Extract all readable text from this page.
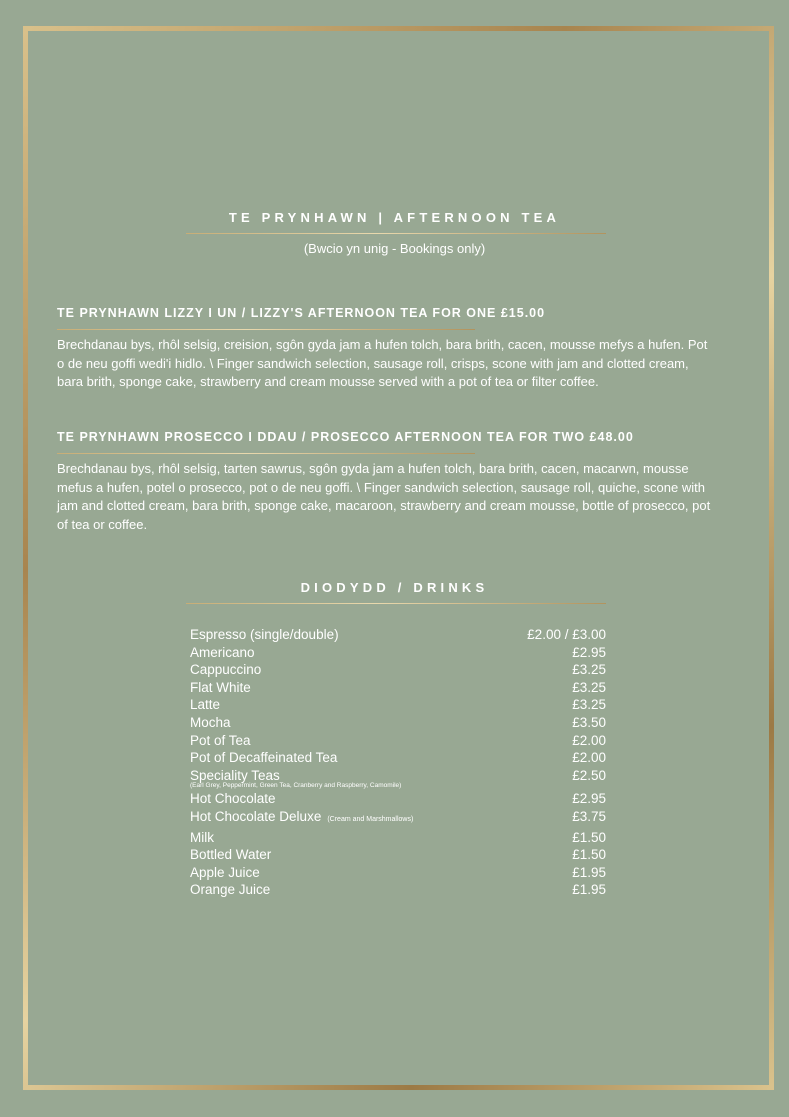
TE PRYNHAWN | AFTERNOON TEA
(Bwcio yn unig - Bookings only)
TE PRYNHAWN LIZZY I UN / LIZZY'S AFTERNOON TEA FOR ONE £15.00
Brechdanau bys, rhôl selsig, creision, sgôn gyda jam a hufen tolch, bara brith, cacen, mousse mefys a hufen. Pot o de neu goffi wedi'i hidlo. \ Finger sandwich selection, sausage roll, crisps, scone with jam and clotted cream, bara brith, sponge cake, strawberry and cream mousse served with a pot of tea or filter coffee.
TE PRYNHAWN PROSECCO I DDAU / PROSECCO AFTERNOON TEA FOR TWO £48.00
Brechdanau bys, rhôl selsig, tarten sawrus, sgôn gyda jam a hufen tolch, bara brith, cacen, macarwn, mousse mefus a hufen, potel o prosecco, pot o de neu goffi. \ Finger sandwich selection, sausage roll, quiche, scone with jam and clotted cream, bara brith, sponge cake, macaroon, strawberry and cream mousse, bottle of prosecco, pot of tea or coffee.
DIODYDD / DRINKS
Espresso (single/double)	£2.00 / £3.00
Americano	£2.95
Cappuccino	£3.25
Flat White	£3.25
Latte	£3.25
Mocha	£3.50
Pot of Tea	£2.00
Pot of Decaffeinated Tea	£2.00
Speciality Teas	£2.50
(Earl Grey, Peppermint, Green Tea, Cranberry and Raspberry, Camomile)
Hot Chocolate	£2.95
Hot Chocolate Deluxe (Cream and Marshmallows)	£3.75
Milk	£1.50
Bottled Water	£1.50
Apple Juice	£1.95
Orange Juice	£1.95
